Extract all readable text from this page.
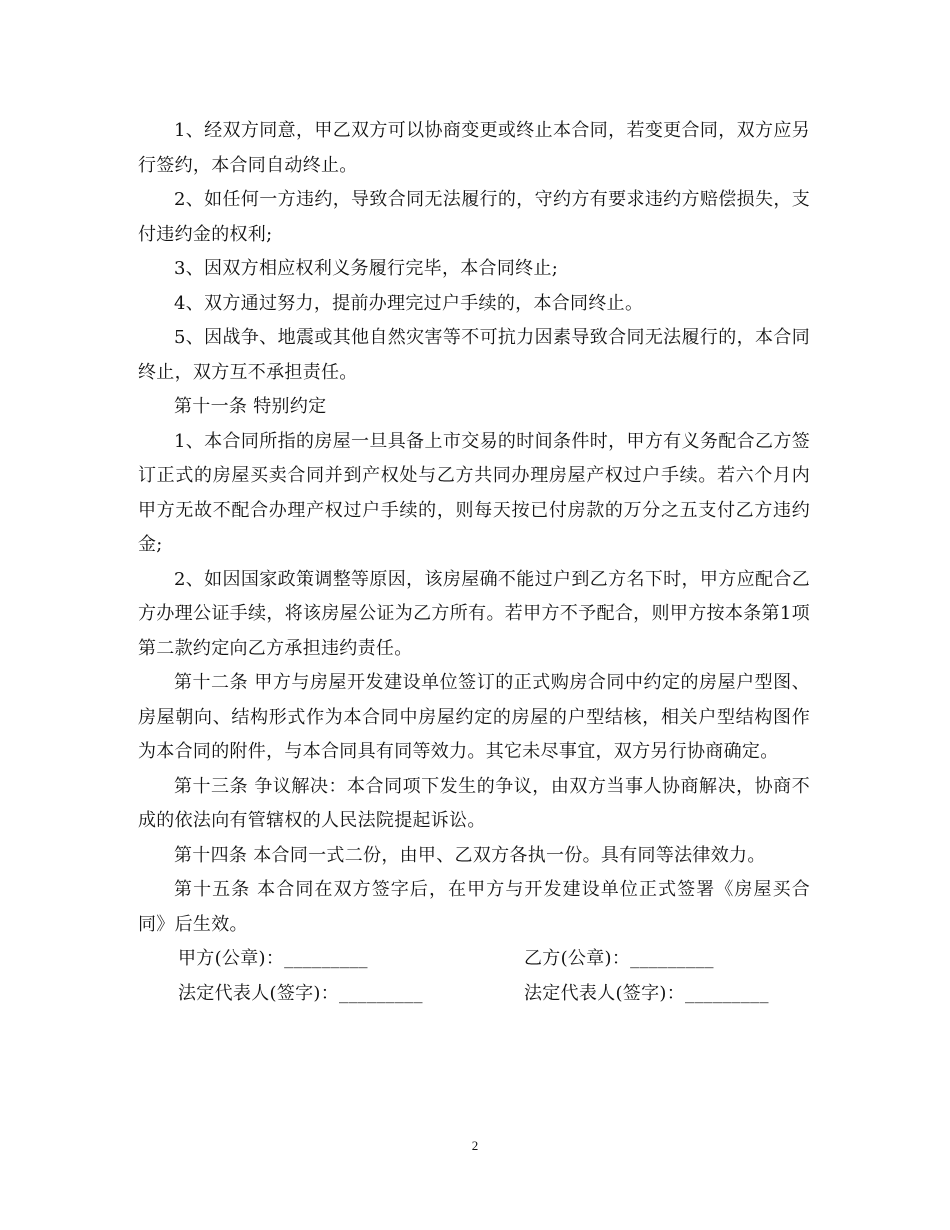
1、经双方同意，甲乙双方可以协商变更或终止本合同，若变更合同，双方应另行签约，本合同自动终止。

2、如任何一方违约，导致合同无法履行的，守约方有要求违约方赔偿损失，支付违约金的权利;

3、因双方相应权利义务履行完毕，本合同终止;

4、双方通过努力，提前办理完过户手续的，本合同终止。

5、因战争、地震或其他自然灾害等不可抗力因素导致合同无法履行的，本合同终止，双方互不承担责任。

第十一条 特别约定

1、本合同所指的房屋一旦具备上市交易的时间条件时，甲方有义务配合乙方签订正式的房屋买卖合同并到产权处与乙方共同办理房屋产权过户手续。若六个月内甲方无故不配合办理产权过户手续的，则每天按已付房款的万分之五支付乙方违约金;

2、如因国家政策调整等原因，该房屋确不能过户到乙方名下时，甲方应配合乙方办理公证手续，将该房屋公证为乙方所有。若甲方不予配合，则甲方按本条第1项第二款约定向乙方承担违约责任。

第十二条 甲方与房屋开发建设单位签订的正式购房合同中约定的房屋户型图、房屋朝向、结构形式作为本合同中房屋约定的房屋的户型结核，相关户型结构图作为本合同的附件，与本合同具有同等效力。其它未尽事宜，双方另行协商确定。

第十三条 争议解决：本合同项下发生的争议，由双方当事人协商解决，协商不成的依法向有管辖权的人民法院提起诉讼。

第十四条 本合同一式二份，由甲、乙双方各执一份。具有同等法律效力。

第十五条 本合同在双方签字后，在甲方与开发建设单位正式签署《房屋买合同》后生效。

甲方(公章)：_________	乙方(公章)：_________
法定代表人(签字)：_________	法定代表人(签字)：_________
2
